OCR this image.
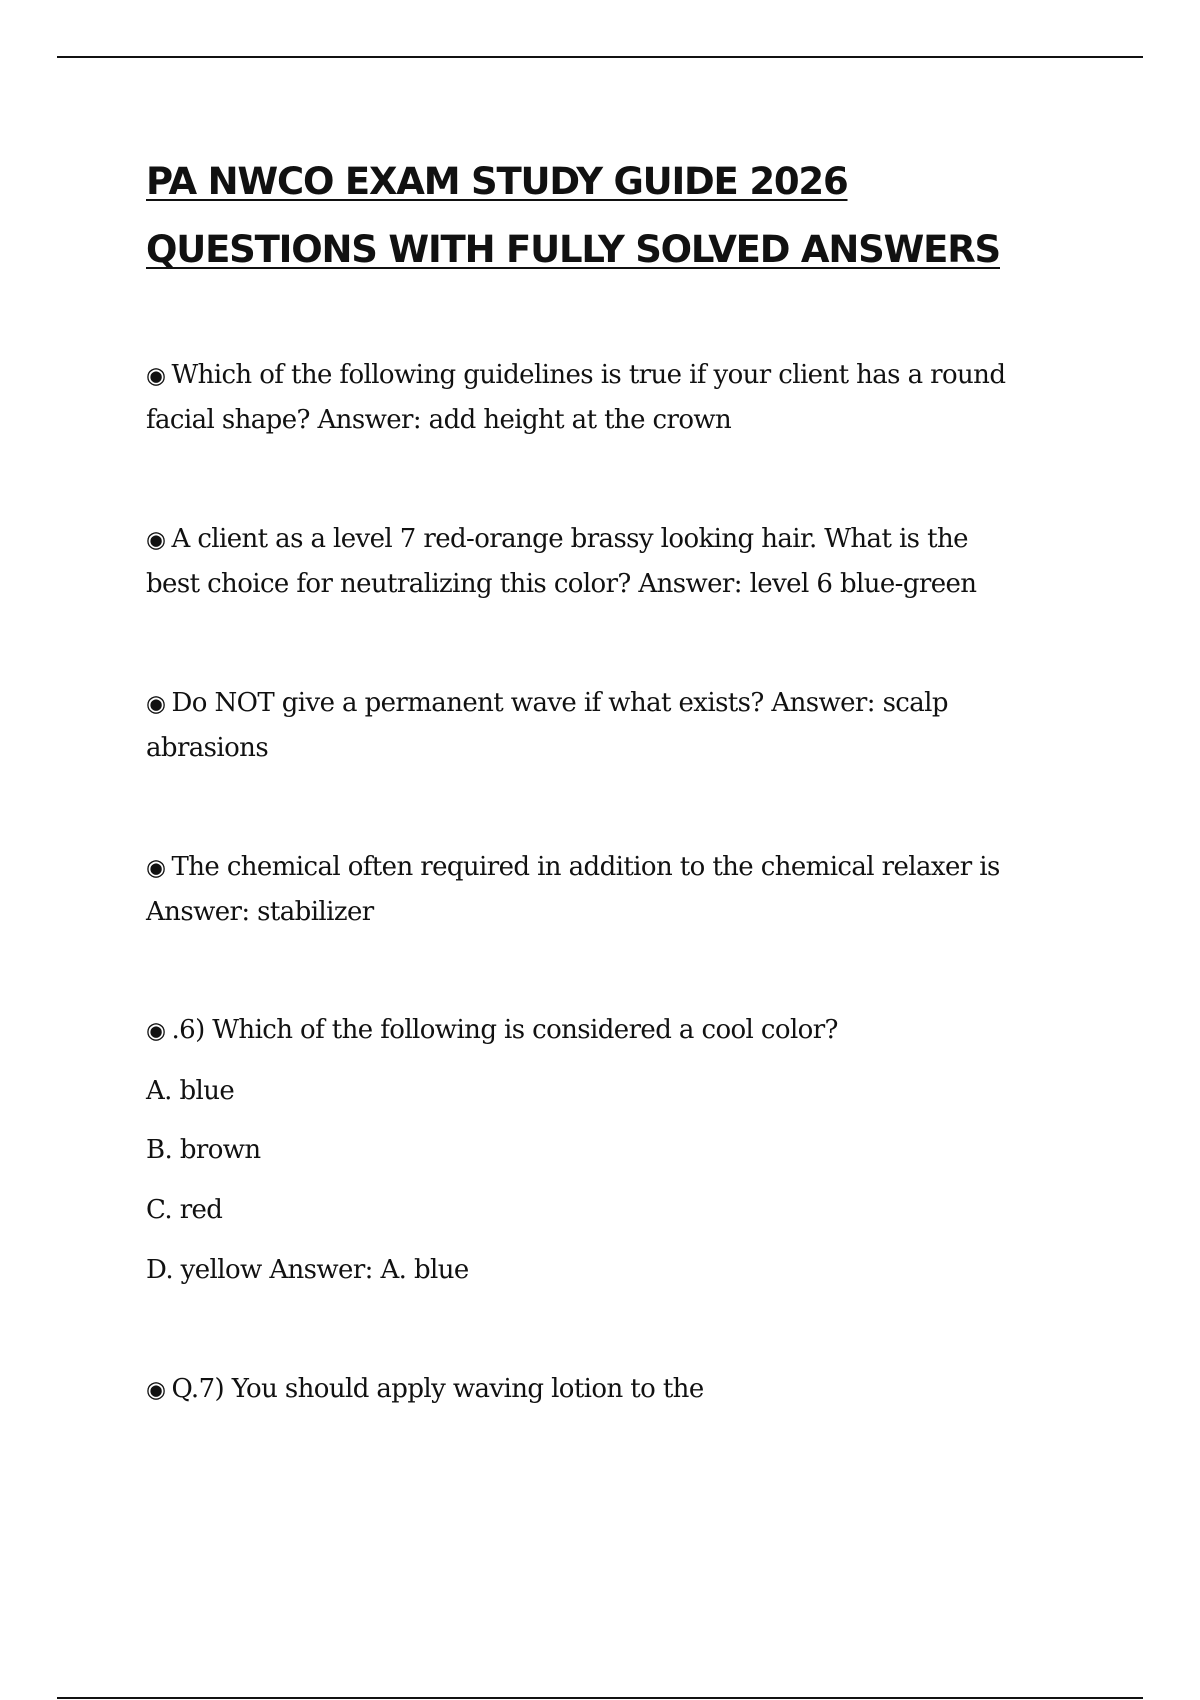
PA NWCO EXAM STUDY GUIDE 2026
QUESTIONS WITH FULLY SOLVED ANSWERS

◉ Which of the following guidelines is true if your client has a round
facial shape? Answer: add height at the crown

◉ A client as a level 7 red-orange brassy looking hair. What is the
best choice for neutralizing this color? Answer: level 6 blue-green

◉ Do NOT give a permanent wave if what exists? Answer: scalp
abrasions

◉ The chemical often required in addition to the chemical relaxer is
Answer: stabilizer

◉ .6) Which of the following is considered a cool color?

A. blue

B. brown

C. red

D. yellow Answer: A. blue

◉ Q.7) You should apply waving lotion to the
